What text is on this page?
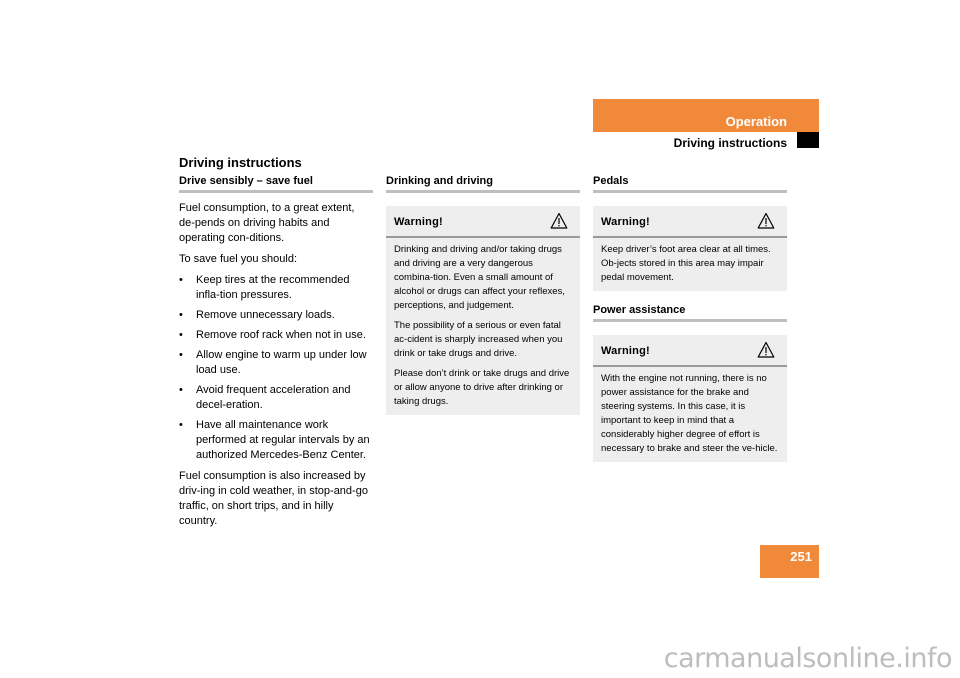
Operation
Driving instructions
Driving instructions
Drive sensibly – save fuel

Fuel consumption, to a great extent, de-pends on driving habits and operating con-ditions.

To save fuel you should:

• Keep tires at the recommended infla-tion pressures.
• Remove unnecessary loads.
• Remove roof rack when not in use.
• Allow engine to warm up under low load use.
• Avoid frequent acceleration and decel-eration.
• Have all maintenance work performed at regular intervals by an authorized Mercedes-Benz Center.

Fuel consumption is also increased by driv-ing in cold weather, in stop-and-go traffic, on short trips, and in hilly country.

Drinking and driving
Warning!

Drinking and driving and/or taking drugs and driving are a very dangerous combina-tion. Even a small amount of alcohol or drugs can affect your reflexes, perceptions, and judgement.

The possibility of a serious or even fatal ac-cident is sharply increased when you drink or take drugs and drive.

Please don’t drink or take drugs and drive or allow anyone to drive after drinking or taking drugs.

Pedals
Warning!

Keep driver’s foot area clear at all times. Ob-jects stored in this area may impair pedal movement.

Power assistance
Warning!

With the engine not running, there is no power assistance for the brake and steering systems. In this case, it is important to keep in mind that a considerably higher degree of effort is necessary to brake and steer the ve-hicle.

251
carmanualsonline.info
